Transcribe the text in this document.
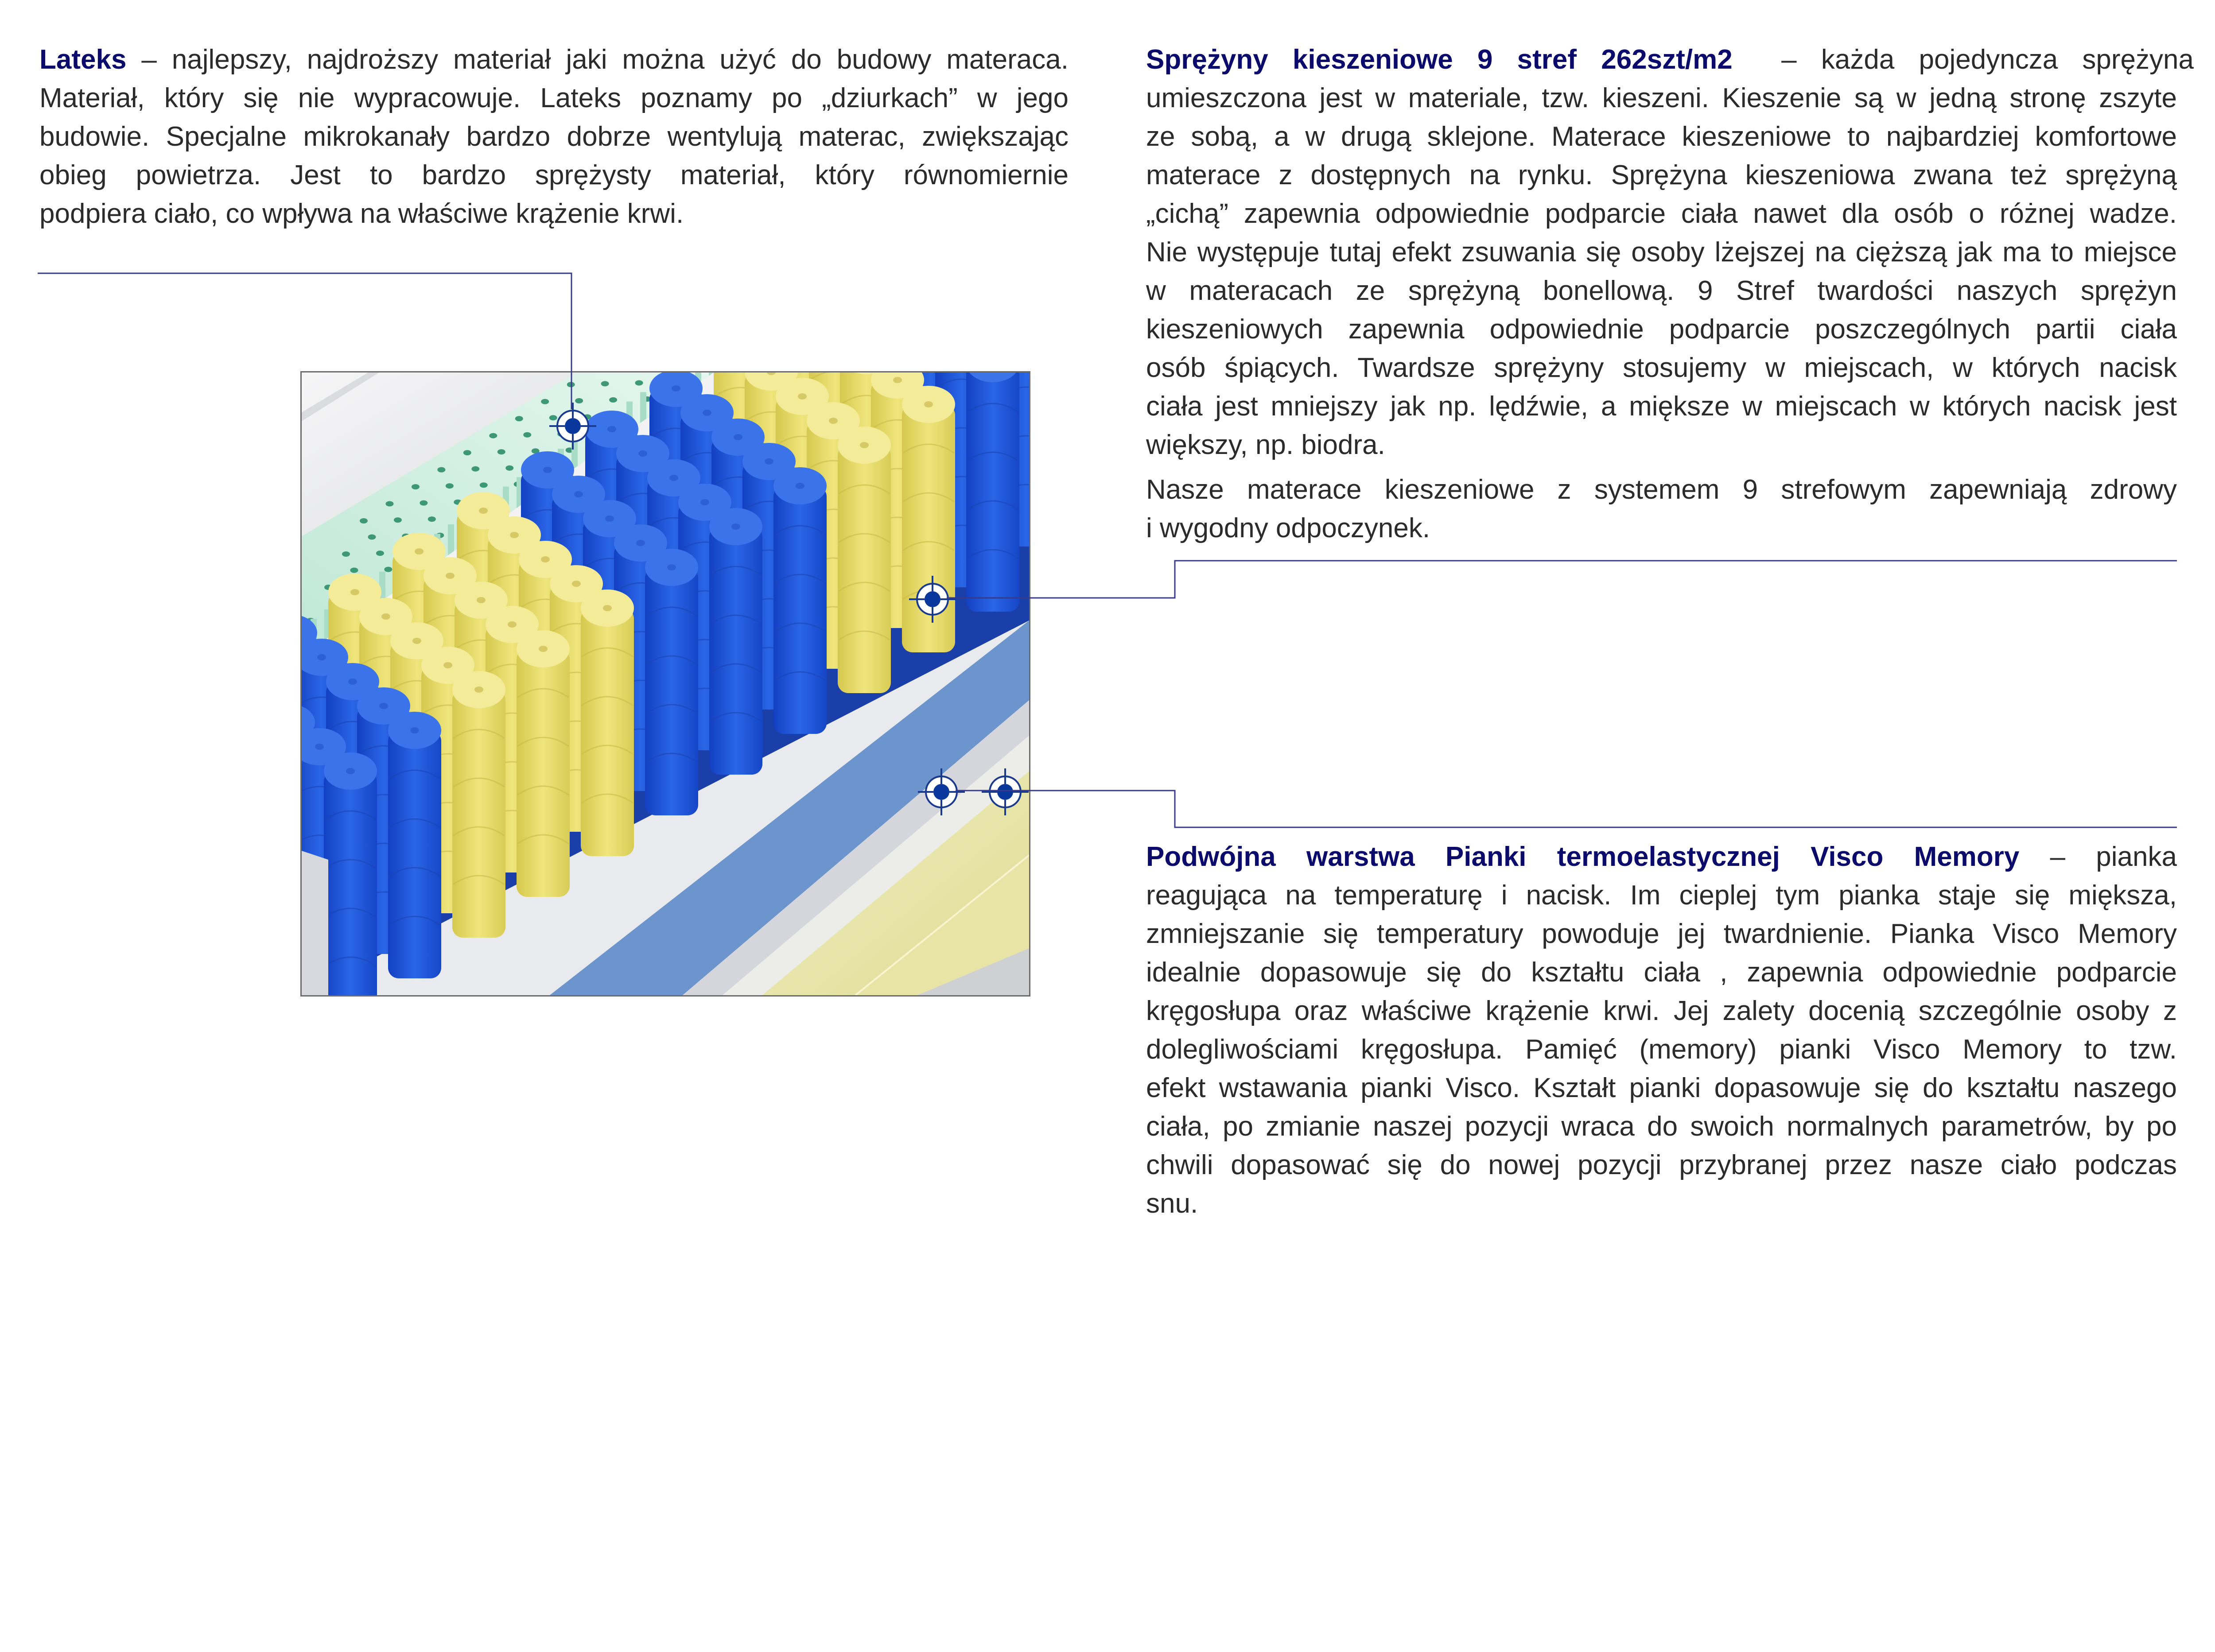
Lateks – najlepszy, najdroższy materiał jaki można użyć do budowy materaca.
Materiał, który się nie wypracowuje. Lateks poznamy po „dziurkach” w jego
budowie. Specjalne mikrokanały bardzo dobrze wentylują materac, zwiększając
obieg powietrza. Jest to bardzo sprężysty materiał, który równomiernie
podpiera ciało, co wpływa na właściwe krążenie krwi.
Sprężyny kieszeniowe 9 stref 262szt/m2  – każda pojedyncza sprężyna
umieszczona jest w materiale, tzw. kieszeni. Kieszenie są w jedną stronę zszyte
ze sobą, a w drugą sklejone. Materace kieszeniowe to najbardziej komfortowe
materace z dostępnych na rynku. Sprężyna kieszeniowa zwana też sprężyną
„cichą” zapewnia odpowiednie podparcie ciała nawet dla osób o różnej wadze.
Nie występuje tutaj efekt zsuwania się osoby lżejszej na cięższą jak ma to miejsce
w materacach ze sprężyną bonellową. 9 Stref twardości naszych sprężyn
kieszeniowych zapewnia odpowiednie podparcie poszczególnych partii ciała
osób śpiących. Twardsze sprężyny stosujemy w miejscach, w których nacisk
ciała jest mniejszy jak np. lędźwie, a miększe w miejscach w których nacisk jest
większy, np. biodra.
Nasze materace kieszeniowe z systemem 9 strefowym zapewniają zdrowy
i wygodny odpoczynek.
Podwójna warstwa Pianki termoelastycznej Visco Memory – pianka
reagująca na temperaturę i nacisk. Im cieplej tym pianka staje się miększa,
zmniejszanie się temperatury powoduje jej twardnienie. Pianka Visco Memory
idealnie dopasowuje się do kształtu ciała , zapewnia odpowiednie podparcie
kręgosłupa oraz właściwe krążenie krwi. Jej zalety docenią szczególnie osoby z
dolegliwościami kręgosłupa. Pamięć (memory) pianki Visco Memory to tzw.
efekt wstawania pianki Visco. Kształt pianki dopasowuje się do kształtu naszego
ciała, po zmianie naszej pozycji wraca do swoich normalnych parametrów, by po
chwili dopasować się do nowej pozycji przybranej przez nasze ciało podczas
snu.
